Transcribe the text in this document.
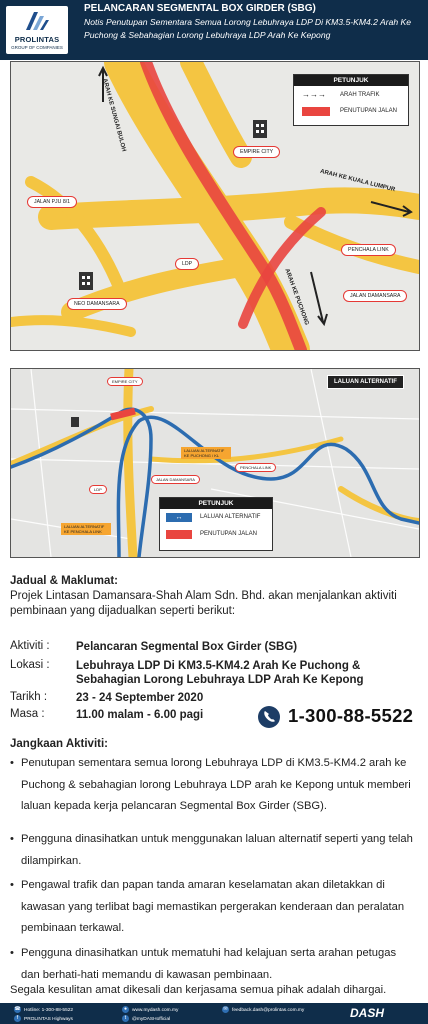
PROLINTAS
GROUP OF COMPANIES
PELANCARAN SEGMENTAL BOX GIRDER (SBG)
Notis Penutupan Sementara Semua Lorong Lebuhraya LDP Di KM3.5-KM4.2 Arah Ke Puchong & Sebahagian Lorong Lebuhraya LDP Arah Ke Kepong
ARAH KE SUNGAI BULOH
ARAH KE KUALA LUMPUR
ARAH KE PUCHONG
EMPIRE CITY
JALAN PJU 8/1
PENCHALA LINK
LDP
NEO DAMANSARA
JALAN DAMANSARA
PETUNJUK
→→→ ARAH TRAFIK
PENUTUPAN JALAN
LALUAN ALTERNATIF
EMPIRE CITY
JALAN DAMANSARA
LDP
PENCHALA LINK
LALUAN ALTERNATIF KE PUCHONG / KL
LALUAN ALTERNATIF KE PENCHALA LINK
PETUNJUK
↔	LALUAN ALTERNATIF
PENUTUPAN JALAN
Jadual & Maklumat:
Projek Lintasan Damansara-Shah Alam Sdn. Bhd. akan menjalankan aktiviti pembinaan yang dijadualkan seperti berikut:
Aktiviti :	Pelancaran Segmental Box Girder (SBG)
Lokasi :	Lebuhraya LDP Di KM3.5-KM4.2 Arah Ke Puchong & Sebahagian Lorong Lebuhraya LDP Arah Ke Kepong
Tarikh :	23 - 24 September 2020
Masa :	11.00 malam - 6.00 pagi	1-300-88-5522
Jangkaan Aktiviti:
• Penutupan sementara semua lorong Lebuhraya LDP di KM3.5-KM4.2 arah ke Puchong & sebahagian lorong Lebuhraya LDP arah ke Kepong untuk memberi laluan kepada kerja pelancaran Segmental Box Girder (SBG).
• Pengguna dinasihatkan untuk menggunakan laluan alternatif seperti yang telah dilampirkan.
• Pengawal trafik dan papan tanda amaran keselamatan akan diletakkan di kawasan yang terlibat bagi memastikan pergerakan kenderaan dan peralatan pembinaan terkawal.
• Pengguna dinasihatkan untuk mematuhi had kelajuan serta arahan petugas dan berhati-hati memandu di kawasan pembinaan.
Segala kesulitan amat dikesali dan kerjasama semua pihak adalah dihargai.
☎ Hotline: 1-300-88-5522	● www.mydash.com.my	✉ feedback.dash@prolintas.com.my
f PROLINTAS Highways	t @myDASHofficial	DASH
